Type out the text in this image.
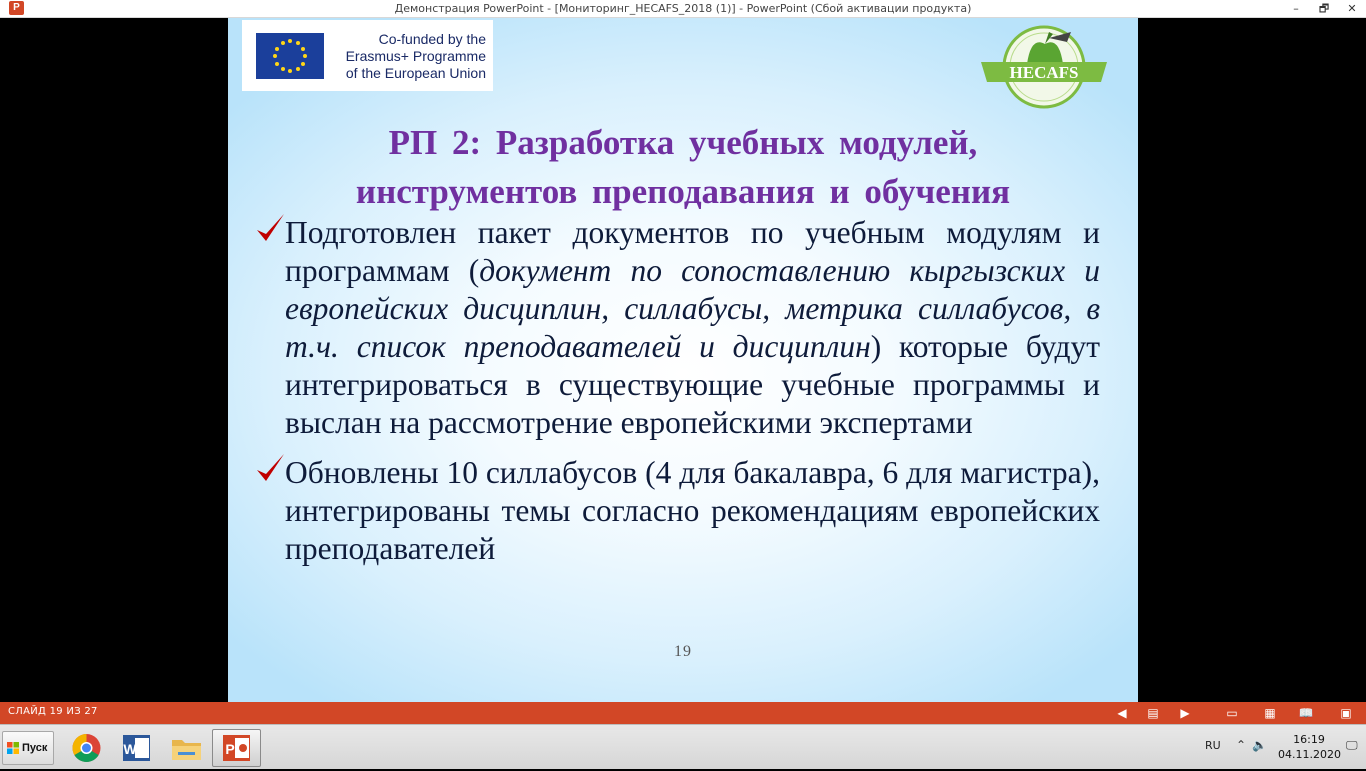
P	Демонстрация PowerPoint - [Мониторинг_HECAFS_2018 (1)] - PowerPoint (Сбой активации продукта)	–	🗗	✕
Co-funded by the Erasmus+ Programme of the European Union	HECAFS
РП 2: Разработка учебных модулей,
инструментов преподавания и обучения
Подготовлен пакет документов по учебным модулям и программам (документ по сопоставлению кыргызских и европейских дисциплин, силлабусы, метрика силлабусов, в т.ч. список преподавателей и дисциплин) которые будут интегрироваться в существующие учебные программы и выслан на рассмотрение европейскими экспертами
Обновлены 10 силлабусов (4 для бакалавра, 6 для магистра), интегрированы темы согласно рекомендациям европейских преподавателей
19
СЛАЙД 19 ИЗ 27	◀ ▤ ▶	▭ ▦ 📖 ▣
Пуск	W	P	RU ⌃ 🔈	16:19
04.11.2020
🖵
